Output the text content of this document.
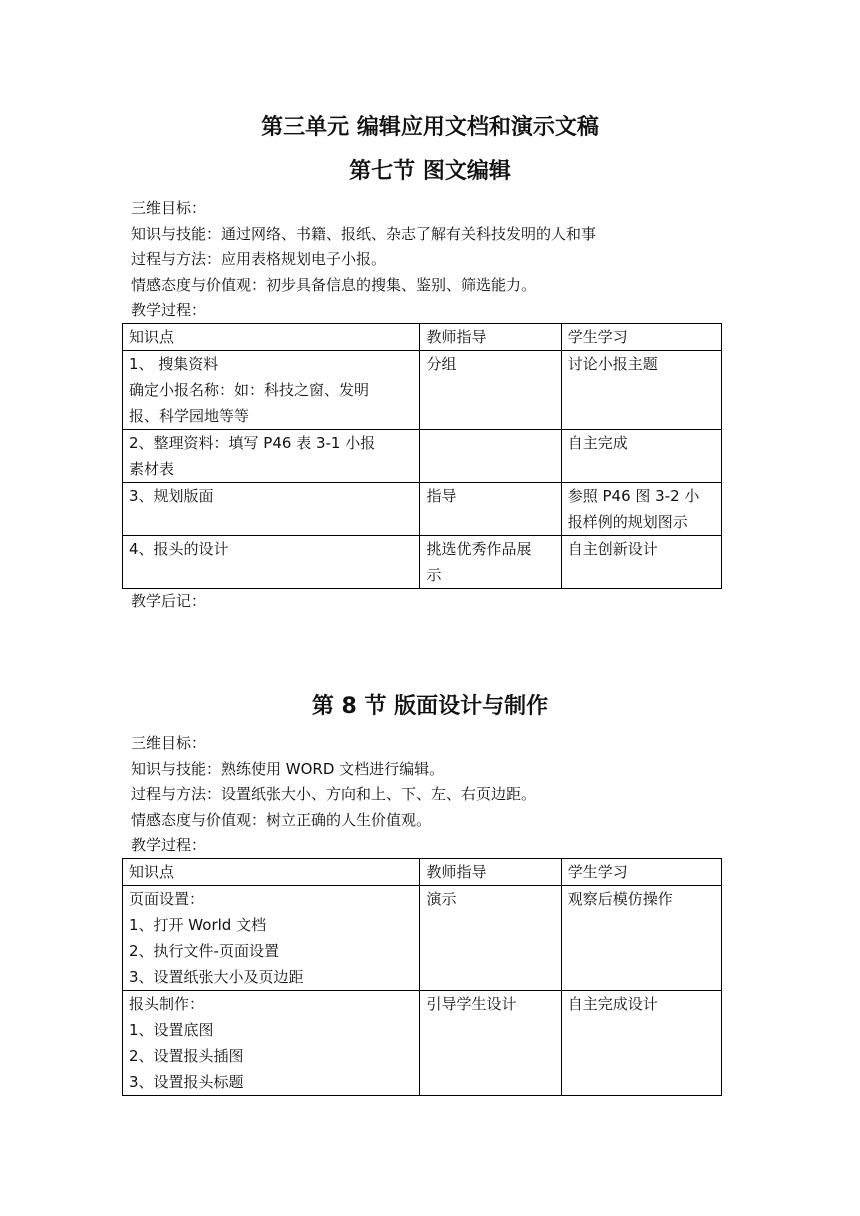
第三单元 编辑应用文档和演示文稿
第七节 图文编辑

三维目标：

知识与技能：通过网络、书籍、报纸、杂志了解有关科技发明的人和事

过程与方法：应用表格规划电子小报。

情感态度与价值观：初步具备信息的搜集、鉴别、筛选能力。

教学过程：

知识点	教师指导	学生学习

1、 搜集资料
确定小报名称：如：科技之窗、发明
报、科学园地等等	分组	讨论小报主题

2、整理资料：填写 P46 表 3-1 小报
素材表		自主完成

3、规划版面	指导	参照 P46 图 3-2 小
报样例的规划图示

4、报头的设计	挑选优秀作品展
示	自主创新设计

教学后记：

第 8 节 版面设计与制作

三维目标：

知识与技能：熟练使用 WORD 文档进行编辑。

过程与方法：设置纸张大小、方向和上、下、左、右页边距。

情感态度与价值观：树立正确的人生价值观。

教学过程：

知识点	教师指导	学生学习

页面设置：
1、打开 World 文档
2、执行文件-页面设置
3、设置纸张大小及页边距	演示	观察后模仿操作

报头制作：
1、设置底图
2、设置报头插图
3、设置报头标题	引导学生设计	自主完成设计
